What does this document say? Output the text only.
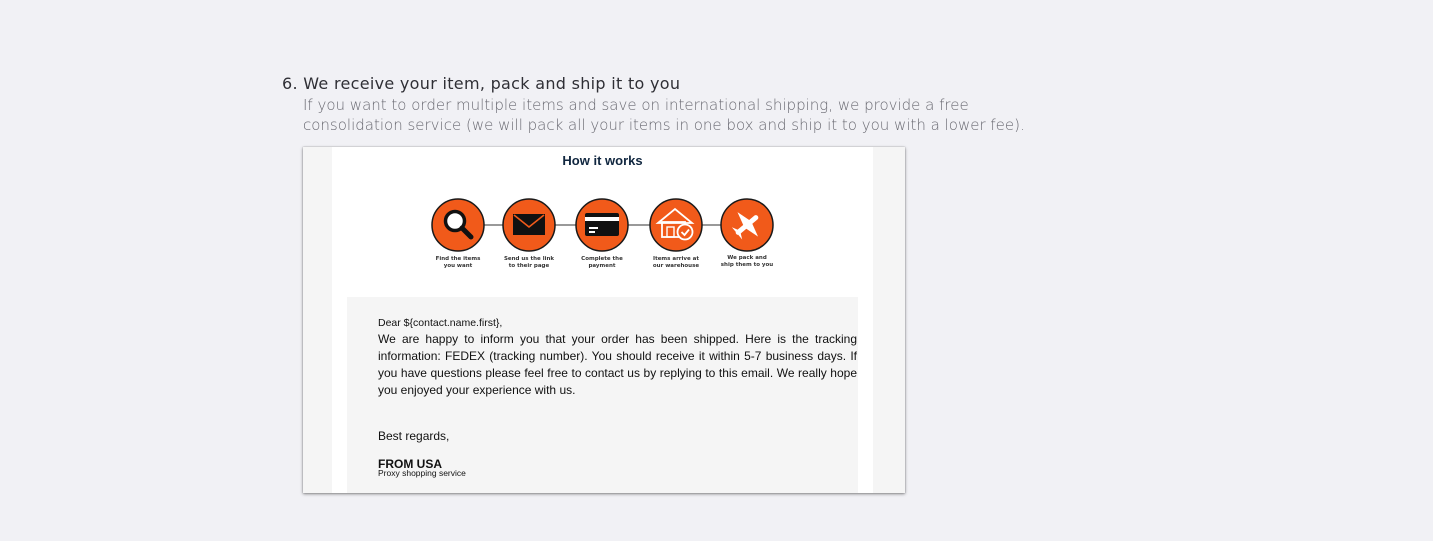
6. We receive your item, pack and ship it to you

If you want to order multiple items and save on international shipping, we provide a free

consolidation service (we will pack all your items in one box and ship it to you with a lower fee).

How it works
Find the items
you want
Send us the link
to their page
Complete the
payment
Items arrive at
our warehouse
We pack and
ship them to you
Dear ${contact.name.first},
We are happy to inform you that your order has been shipped. Here is the tracking information: FEDEX (tracking number). You should receive it within 5-7 business days. If you have questions please feel free to contact us by replying to this email. We really hope you enjoyed your experience with us.
Best regards,
FROM USA
Proxy shopping service
